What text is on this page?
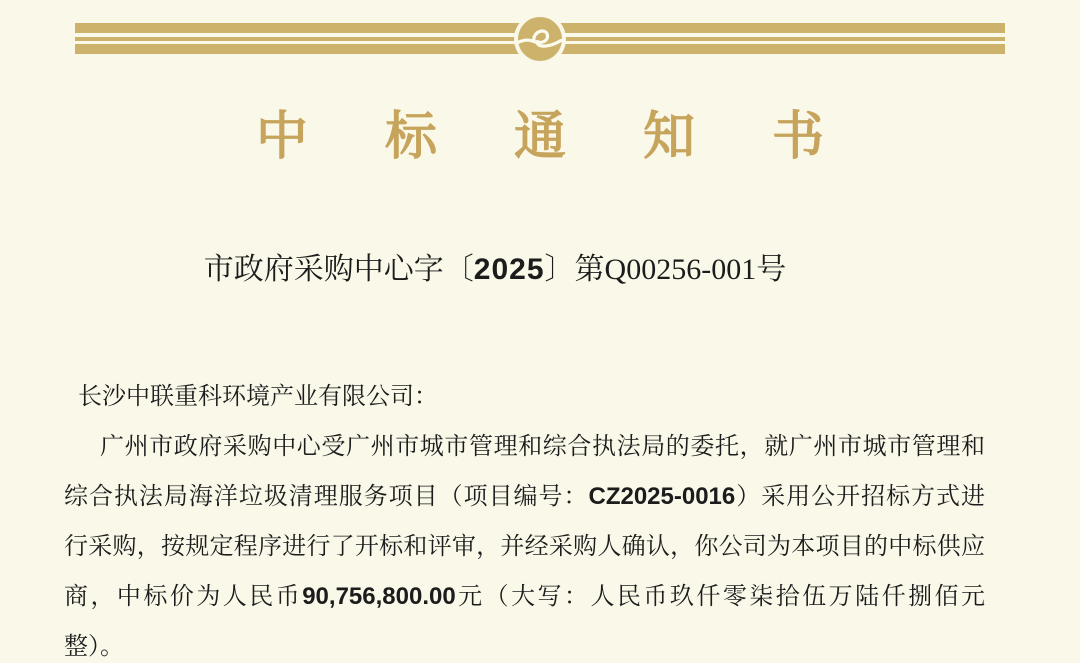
中标通知书
市政府采购中心字〔2025〕第Q00256-001号
长沙中联重科环境产业有限公司：
广州市政府采购中心受广州市城市管理和综合执法局的委托，就广州市城市管理和
综合执法局海洋垃圾清理服务项目（项目编号：CZ2025-0016）采用公开招标方式进
行采购，按规定程序进行了开标和评审，并经采购人确认，你公司为本项目的中标供应
商，中标价为人民币90,756,800.00元（大写：人民币玖仟零柒拾伍万陆仟捌佰元
整）。
